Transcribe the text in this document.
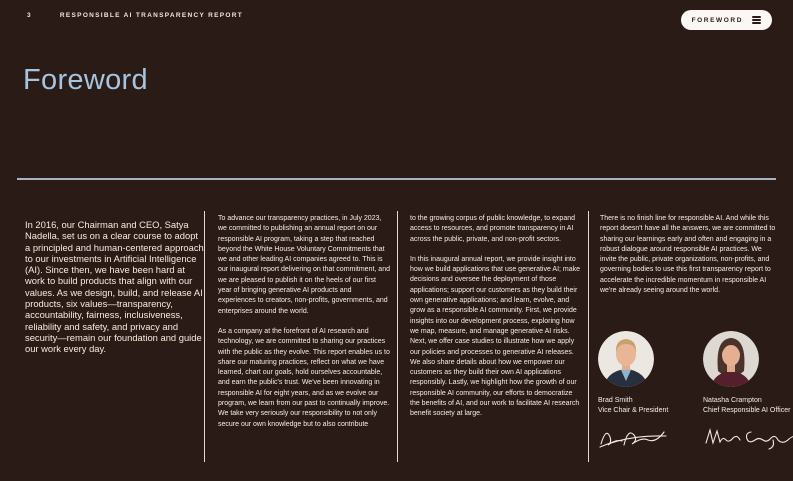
3	RESPONSIBLE AI TRANSPARENCY REPORT
FOREWORD
Foreword

In 2016, our Chairman and CEO, Satya Nadella, set us on a clear course to adopt a principled and human-centered approach to our investments in Artificial Intelligence (AI). Since then, we have been hard at work to build products that align with our values. As we design, build, and release AI products, six values—transparency, accountability, fairness, inclusiveness, reliability and safety, and privacy and security—remain our foundation and guide our work every day.

To advance our transparency practices, in July 2023, we committed to publishing an annual report on our responsible AI program, taking a step that reached beyond the White House Voluntary Commitments that we and other leading AI companies agreed to. This is our inaugural report delivering on that commitment, and we are pleased to publish it on the heels of our first year of bringing generative AI products and experiences to creators, non-profits, governments, and enterprises around the world.

As a company at the forefront of AI research and technology, we are committed to sharing our practices with the public as they evolve. This report enables us to share our maturing practices, reflect on what we have learned, chart our goals, hold ourselves accountable, and earn the public's trust. We've been innovating in responsible AI for eight years, and as we evolve our program, we learn from our past to continually improve. We take very seriously our responsibility to not only secure our own knowledge but to also contribute

to the growing corpus of public knowledge, to expand access to resources, and promote transparency in AI across the public, private, and non-profit sectors.

In this inaugural annual report, we provide insight into how we build applications that use generative AI; make decisions and oversee the deployment of those applications; support our customers as they build their own generative applications; and learn, evolve, and grow as a responsible AI community. First, we provide insights into our development process, exploring how we map, measure, and manage generative AI risks. Next, we offer case studies to illustrate how we apply our policies and processes to generative AI releases. We also share details about how we empower our customers as they build their own AI applications responsibly. Lastly, we highlight how the growth of our responsible AI community, our efforts to democratize the benefits of AI, and our work to facilitate AI research benefit society at large.

There is no finish line for responsible AI. And while this report doesn't have all the answers, we are committed to sharing our learnings early and often and engaging in a robust dialogue around responsible AI practices. We invite the public, private organizations, non-profits, and governing bodies to use this first transparency report to accelerate the incredible momentum in responsible AI we're already seeing around the world.

Brad Smith
Vice Chair & President
Natasha Crampton
Chief Responsible AI Officer
